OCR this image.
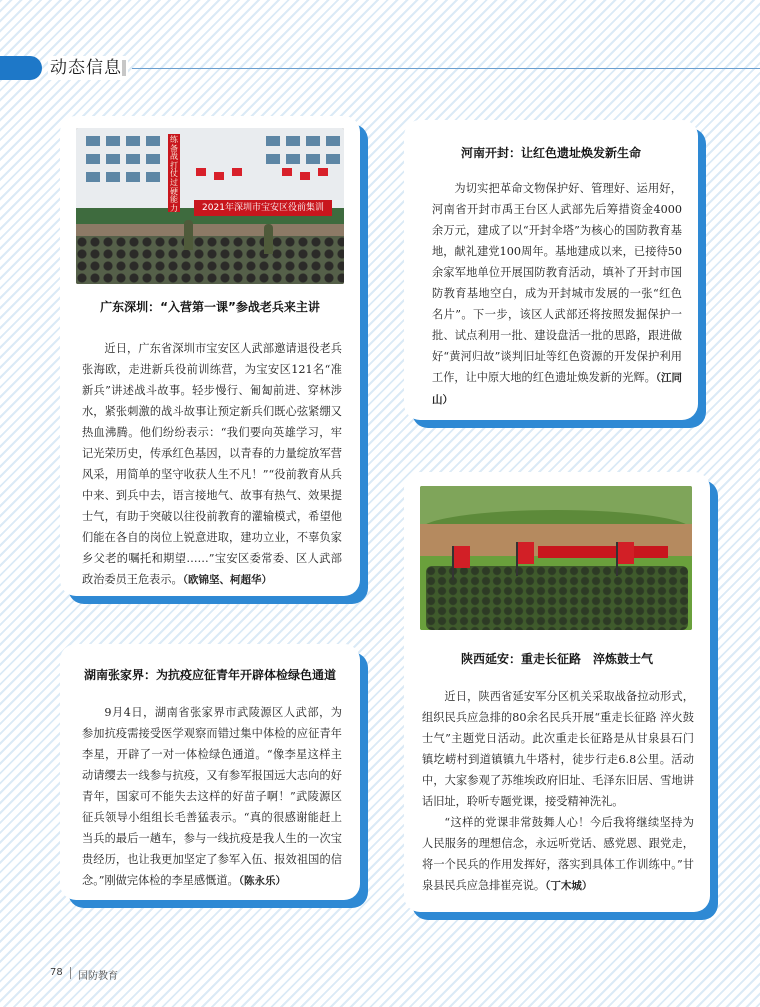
动态信息
广东深圳：“入营第一课”参战老兵来主讲

近日，广东省深圳市宝安区人武部邀请退役老兵张海欧，走进新兵役前训练营，为宝安区121名“准新兵”讲述战斗故事。轻步慢行、匍匐前进、穿林涉水，紧张刺激的战斗故事让预定新兵们既心弦紧绷又热血沸腾。他们纷纷表示：“我们要向英雄学习，牢记光荣历史，传承红色基因，以青春的力量绽放军营风采，用简单的坚守收获人生不凡！”“役前教育从兵中来、到兵中去，语言接地气、故事有热气、效果提士气，有助于突破以往役前教育的灌输模式，希望他们能在各自的岗位上锐意进取，建功立业，不辜负家乡父老的嘱托和期望……”宝安区委常委、区人武部政治委员王危表示。（欧锦坚、柯超华）

练备战打仗过硬能力	2021年深圳市宝安区役前集训
河南开封：让红色遗址焕发新生命

为切实把革命文物保护好、管理好、运用好，河南省开封市禹王台区人武部先后筹措资金4000余万元，建成了以“开封伞塔”为核心的国防教育基地，献礼建党100周年。基地建成以来，已接待50余家军地单位开展国防教育活动，填补了开封市国防教育基地空白，成为开封城市发展的一张“红色名片”。下一步，该区人武部还将按照发掘保护一批、试点利用一批、建设盘活一批的思路，跟进做好“黄河归故”谈判旧址等红色资源的开发保护利用工作，让中原大地的红色遗址焕发新的光辉。（江同山）

湖南张家界：为抗疫应征青年开辟体检绿色通道

9月4日，湖南省张家界市武陵源区人武部，为参加抗疫需接受医学观察而错过集中体检的应征青年李星，开辟了一对一体检绿色通道。“像李星这样主动请缨去一线参与抗疫，又有参军报国远大志向的好青年，国家可不能失去这样的好苗子啊！”武陵源区征兵领导小组组长毛善猛表示。“真的很感谢能赶上当兵的最后一趟车，参与一线抗疫是我人生的一次宝贵经历，也让我更加坚定了参军入伍、报效祖国的信念。”刚做完体检的李星感慨道。（陈永乐）

陕西延安：重走长征路　淬炼鼓士气

近日，陕西省延安军分区机关采取战备拉动形式，组织民兵应急排的80余名民兵开展“重走长征路 淬火鼓士气”主题党日活动。此次重走长征路是从甘泉县石门镇圪崂村到道镇镇九牛塔村，徒步行走6.8公里。活动中，大家参观了苏维埃政府旧址、毛泽东旧居、雪地讲话旧址，聆听专题党课，接受精神洗礼。

“这样的党课非常鼓舞人心！今后我将继续坚持为人民服务的理想信念，永远听党话、感党恩、跟党走，将一个民兵的作用发挥好，落实到具体工作训练中。”甘泉县民兵应急排崔亮说。（丁木城）

78 国防教育
